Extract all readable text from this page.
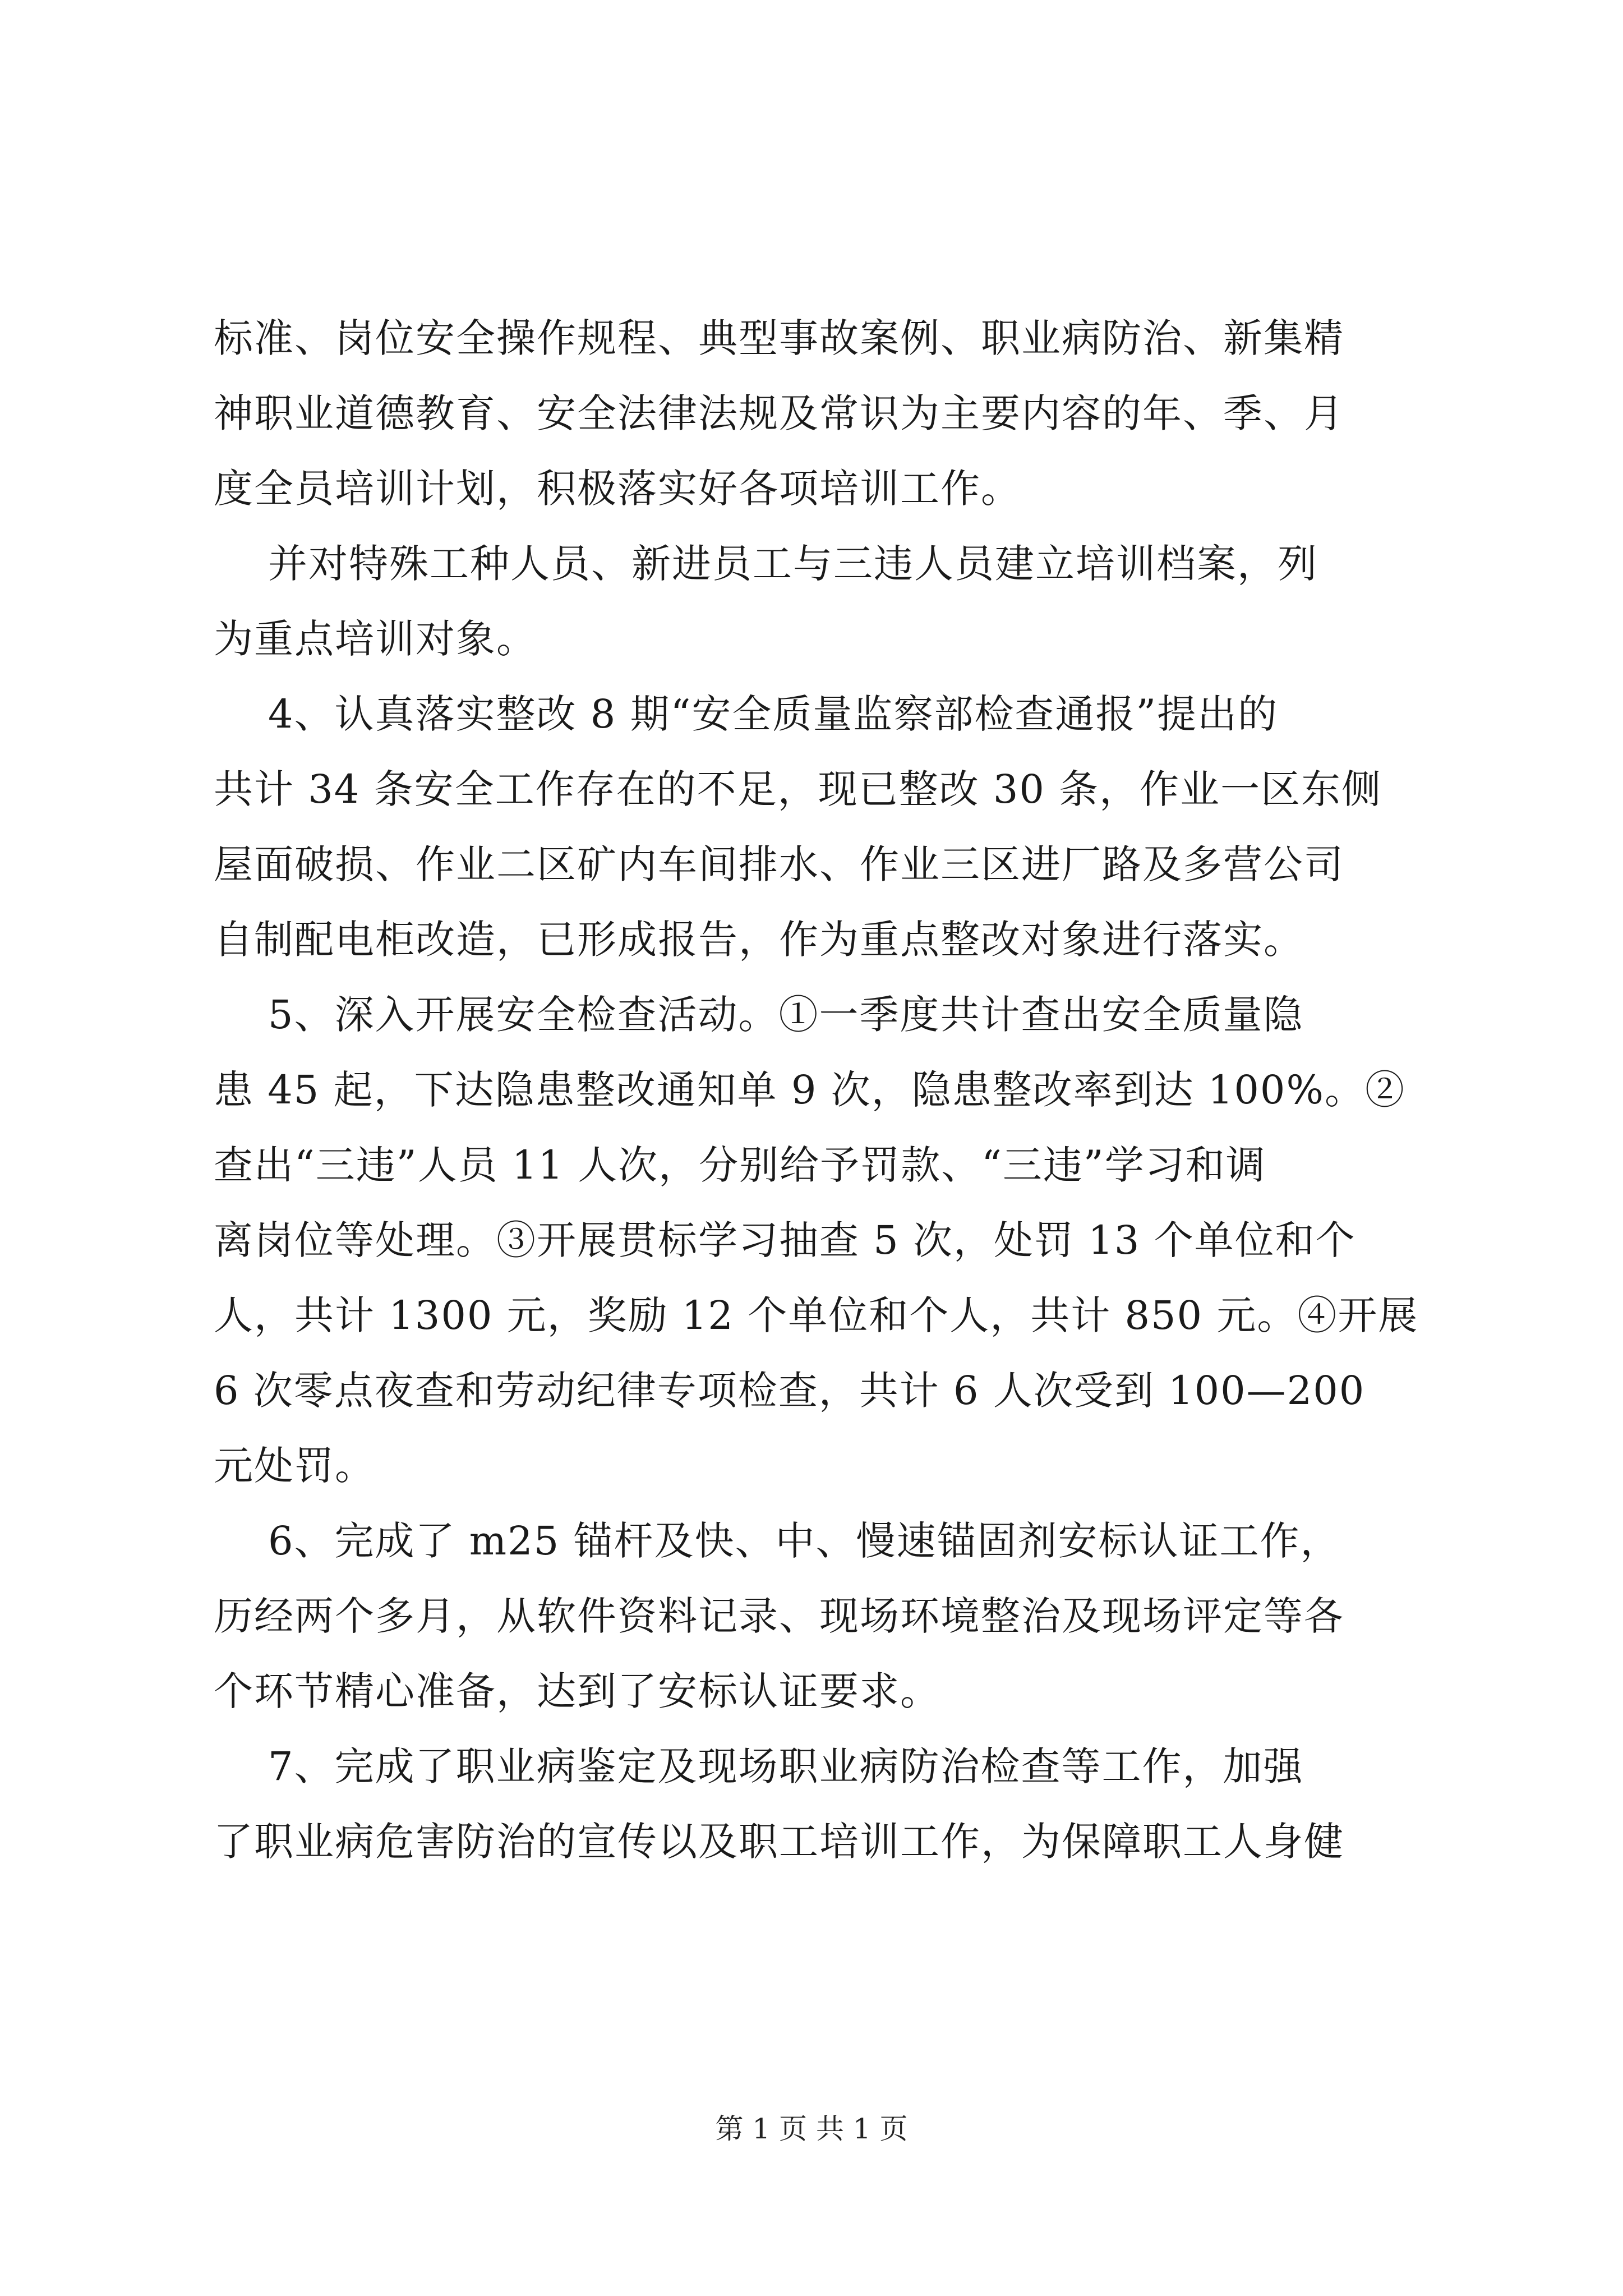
标准、岗位安全操作规程、典型事故案例、职业病防治、新集精
神职业道德教育、安全法律法规及常识为主要内容的年、季、月
度全员培训计划，积极落实好各项培训工作。
并对特殊工种人员、新进员工与三违人员建立培训档案，列
为重点培训对象。
4、认真落实整改 8 期“安全质量监察部检查通报”提出的
共计 34 条安全工作存在的不足，现已整改 30 条，作业一区东侧
屋面破损、作业二区矿内车间排水、作业三区进厂路及多营公司
自制配电柜改造，已形成报告，作为重点整改对象进行落实。
5、深入开展安全检查活动。①一季度共计查出安全质量隐
患 45 起，下达隐患整改通知单 9 次，隐患整改率到达 100%。②
查出“三违”人员 11 人次，分别给予罚款、“三违”学习和调
离岗位等处理。③开展贯标学习抽查 5 次，处罚 13 个单位和个
人，共计 1300 元，奖励 12 个单位和个人，共计 850 元。④开展
6 次零点夜查和劳动纪律专项检查，共计 6 人次受到 100—200
元处罚。
6、完成了 m25 锚杆及快、中、慢速锚固剂安标认证工作，
历经两个多月，从软件资料记录、现场环境整治及现场评定等各
个环节精心准备，达到了安标认证要求。
7、完成了职业病鉴定及现场职业病防治检查等工作，加强
了职业病危害防治的宣传以及职工培训工作，为保障职工人身健
第 1 页 共 1 页
